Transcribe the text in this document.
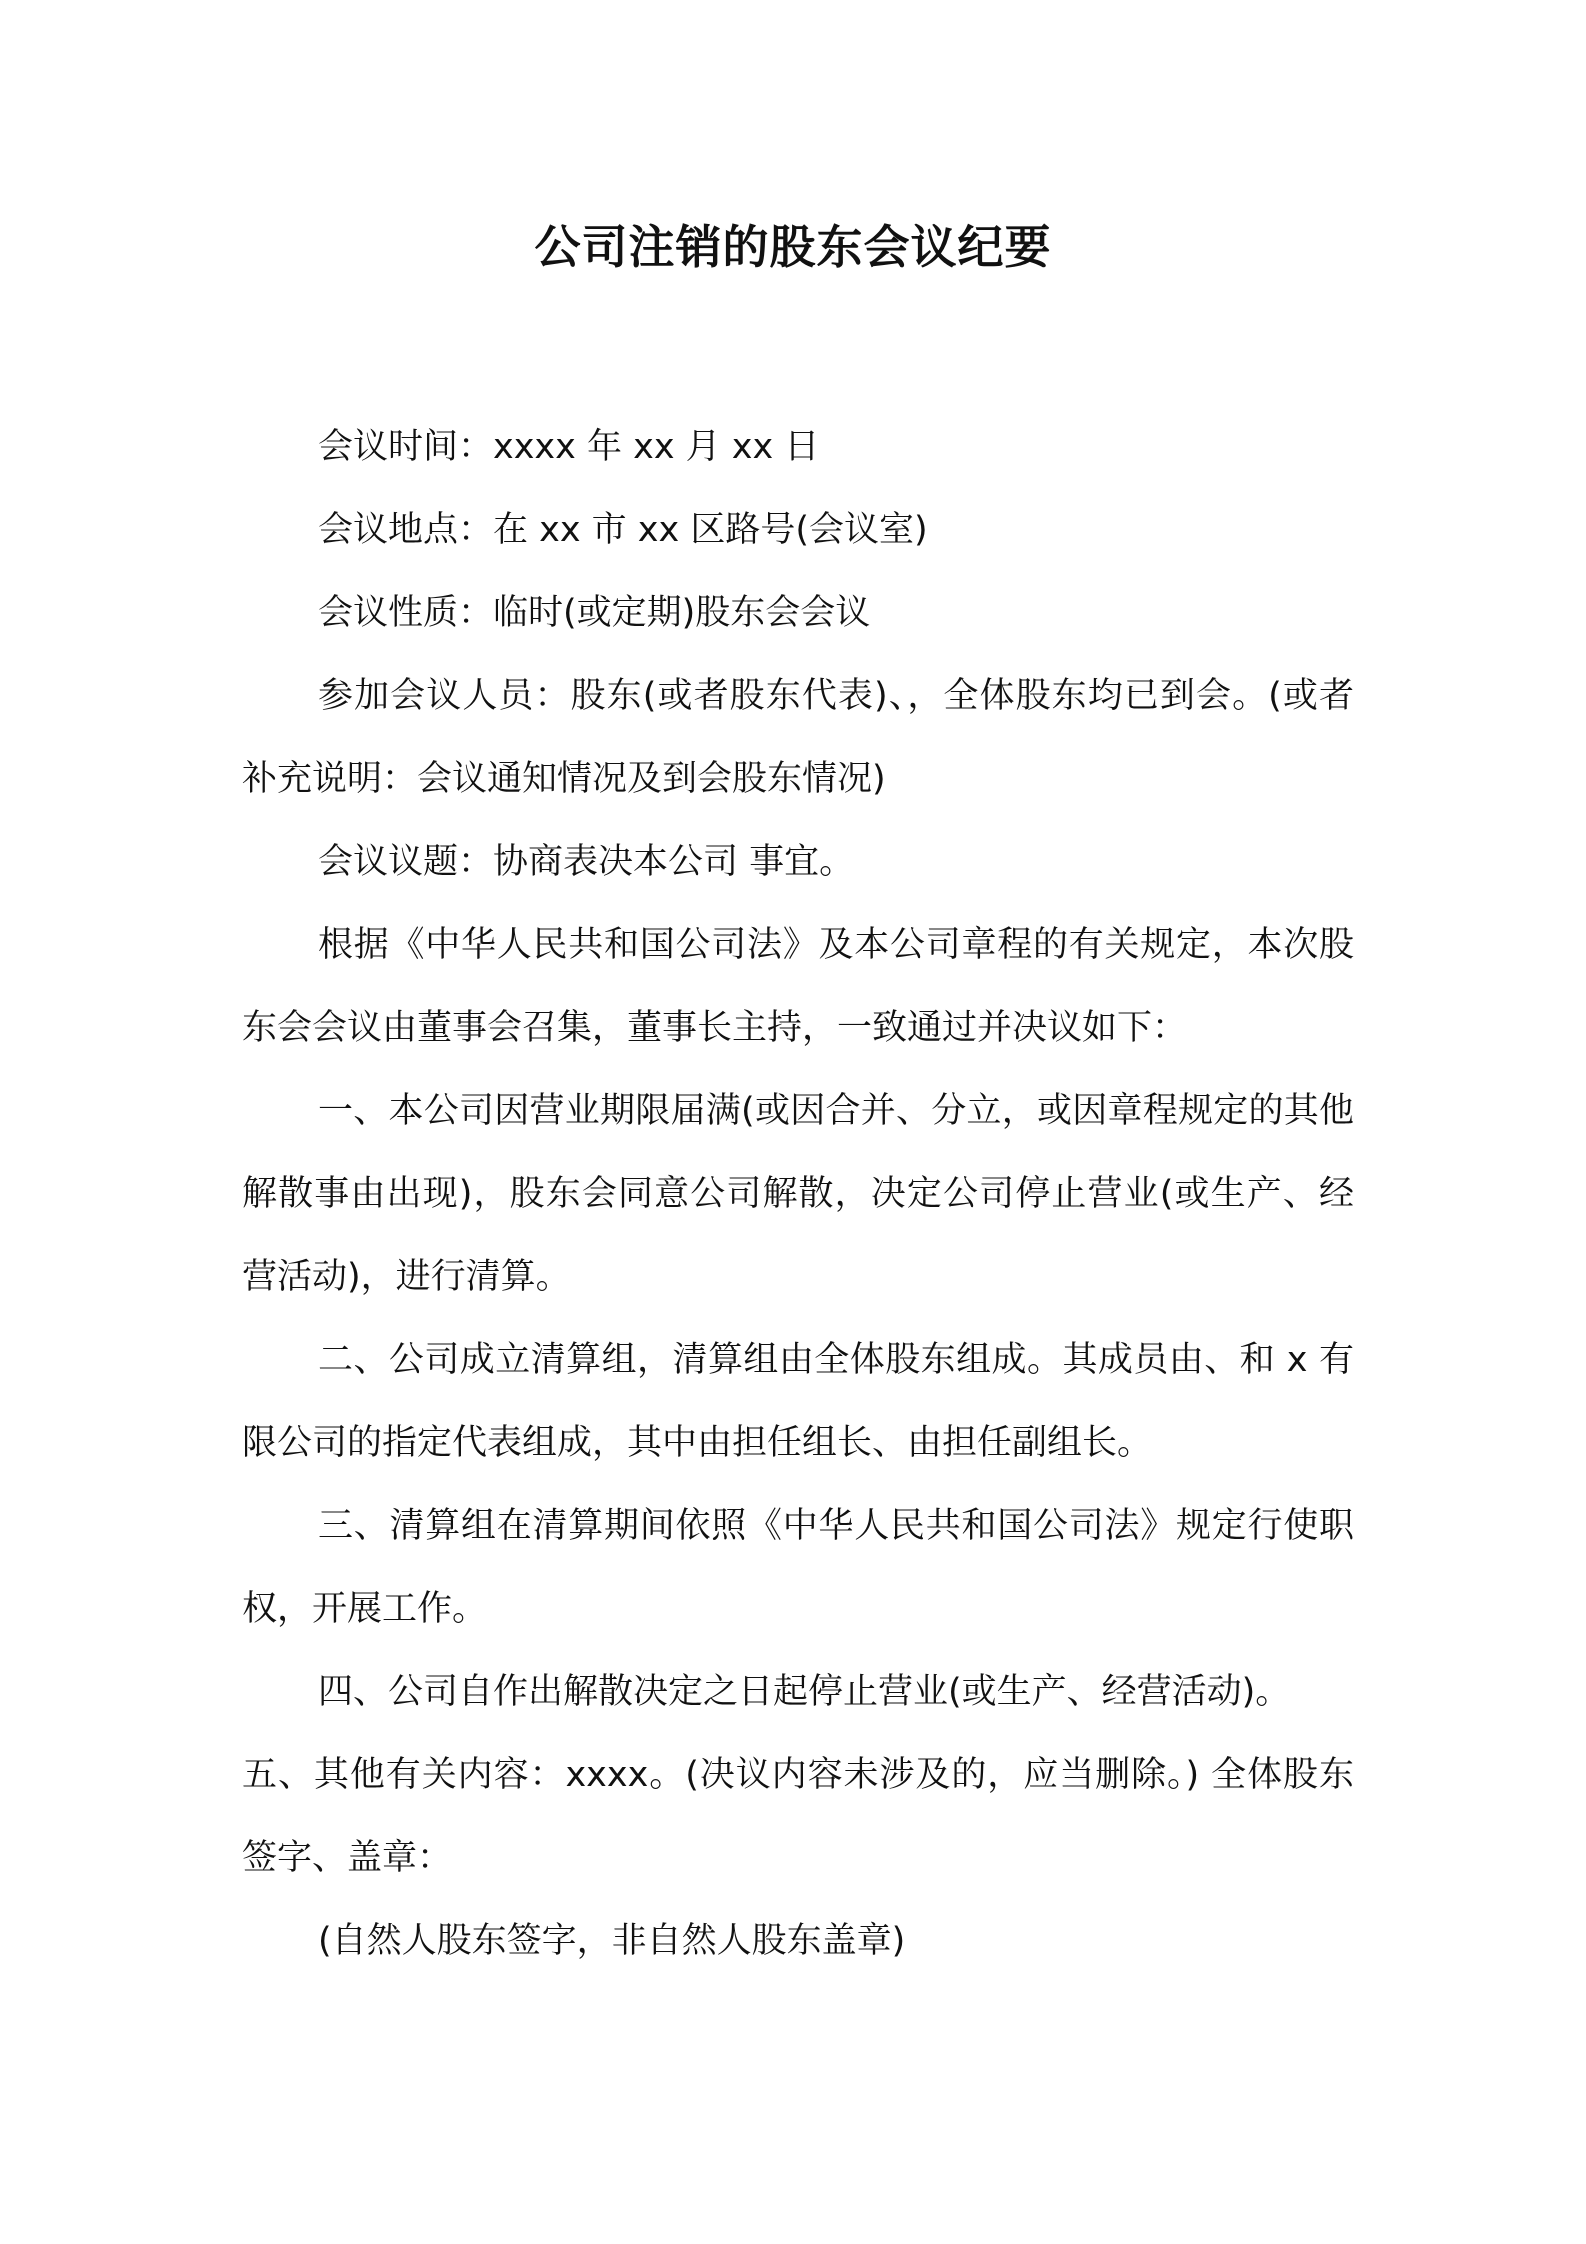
公司注销的股东会议纪要

会议时间：xxxx 年 xx 月 xx 日

会议地点：在 xx 市 xx 区路号(会议室)

会议性质：临时(或定期)股东会会议

参加会议人员：股东(或者股东代表)、，全体股东均已到会。(或者补充说明：会议通知情况及到会股东情况)

会议议题：协商表决本公司 事宜。

根据《中华人民共和国公司法》及本公司章程的有关规定，本次股东会会议由董事会召集，董事长主持，一致通过并决议如下：

一、本公司因营业期限届满(或因合并、分立，或因章程规定的其他解散事由出现)，股东会同意公司解散，决定公司停止营业(或生产、经营活动)，进行清算。

二、公司成立清算组，清算组由全体股东组成。其成员由、和 x 有限公司的指定代表组成，其中由担任组长、由担任副组长。

三、清算组在清算期间依照《中华人民共和国公司法》规定行使职权，开展工作。

四、公司自作出解散决定之日起停止营业(或生产、经营活动)。

五、其他有关内容：xxxx。(决议内容未涉及的，应当删除。) 全体股东签字、盖章：

(自然人股东签字，非自然人股东盖章)
